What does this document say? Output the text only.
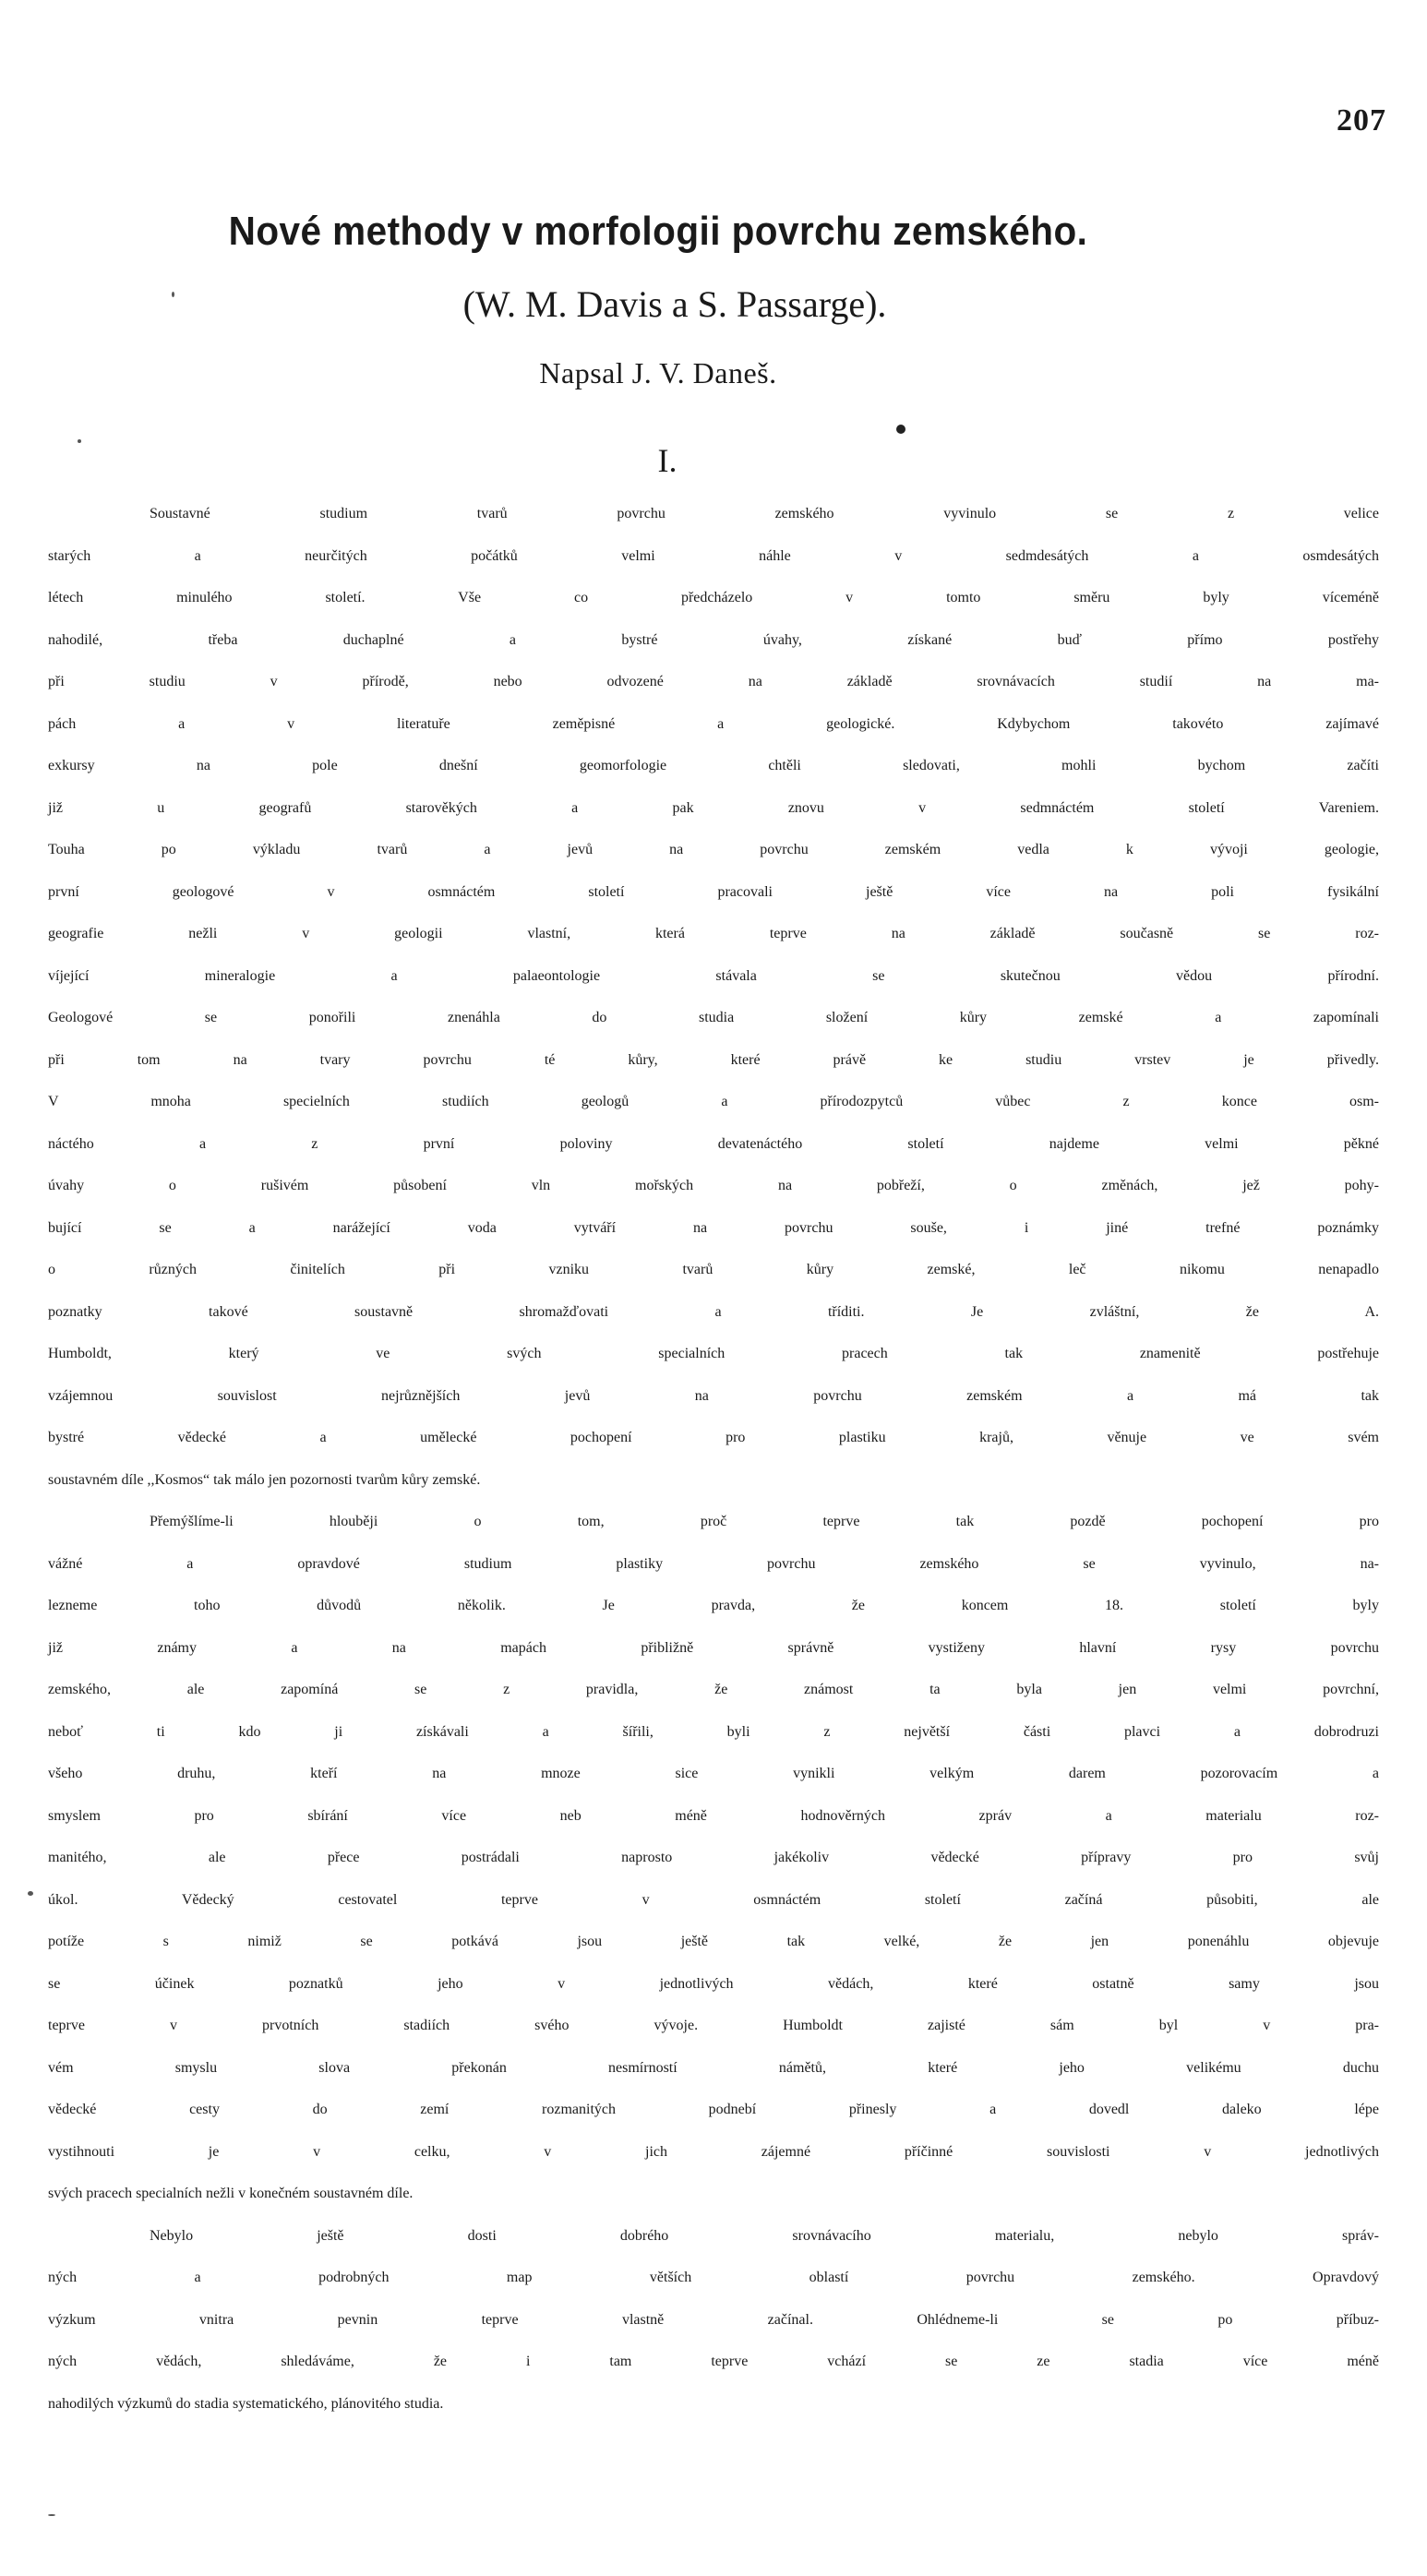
207
Nové methody v morfologii povrchu zemského.
(W. M. Davis a S. Passarge).
Napsal J. V. Daneš.
I.
Soustavné studium tvarů povrchu zemského vyvinulo se z velice
starých a neurčitých počátků velmi náhle v sedmdesátých a osmdesátých
létech minulého století. Vše co předcházelo v tomto směru byly víceméně
nahodilé, třeba duchaplné a bystré úvahy, získané buď přímo postřehy
při studiu v přírodě, nebo odvozené na základě srovnávacích studií na ma-
pách a v literatuře zeměpisné a geologické. Kdybychom takovéto zajímavé
exkursy na pole dnešní geomorfologie chtěli sledovati, mohli bychom začíti
již u geografů starověkých a pak znovu v sedmnáctém století Vareniem.
Touha po výkladu tvarů a jevů na povrchu zemském vedla k vývoji geologie,
první geologové v osmnáctém století pracovali ještě více na poli fysikální
geografie nežli v geologii vlastní, která teprve na základě současně se roz-
víjející mineralogie a palaeontologie stávala se skutečnou vědou přírodní.
Geologové se ponořili znenáhla do studia složení kůry zemské a zapomínali
při tom na tvary povrchu té kůry, které právě ke studiu vrstev je přivedly.
V mnoha specielních studiích geologů a přírodozpytců vůbec z konce osm-
náctého a z první poloviny devatenáctého století najdeme velmi pěkné
úvahy o rušivém působení vln mořských na pobřeží, o změnách, jež pohy-
bující se a narážející voda vytváří na povrchu souše, i jiné trefné poznámky
o různých činitelích při vzniku tvarů kůry zemské, leč nikomu nenapadlo
poznatky takové soustavně shromažďovati a tříditi. Je zvláštní, že A.
Humboldt, který ve svých specialních pracech tak znamenitě postřehuje
vzájemnou souvislost nejrůznějších jevů na povrchu zemském a má tak
bystré vědecké a umělecké pochopení pro plastiku krajů, věnuje ve svém
soustavném díle ,,Kosmos“ tak málo jen pozornosti tvarům kůry zemské.
Přemýšlíme-li hlouběji o tom, proč teprve tak pozdě pochopení pro
vážné a opravdové studium plastiky povrchu zemského se vyvinulo, na-
lezneme toho důvodů několik. Je pravda, že koncem 18. století byly
již známy a na mapách přibližně správně vystiženy hlavní rysy povrchu
zemského, ale zapomíná se z pravidla, že známost ta byla jen velmi povrchní,
neboť ti kdo ji získávali a šířili, byli z největší části plavci a dobrodruzi
všeho druhu, kteří na mnoze sice vynikli velkým darem pozorovacím a
smyslem pro sbírání více neb méně hodnověrných zpráv a materialu roz-
manitého, ale přece postrádali naprosto jakékoliv vědecké přípravy pro svůj
úkol. Vědecký cestovatel teprve v osmnáctém století začíná působiti, ale
potíže s nimiž se potkává jsou ještě tak velké, že jen ponenáhlu objevuje
se účinek poznatků jeho v jednotlivých vědách, které ostatně samy jsou
teprve v prvotních stadiích svého vývoje. Humboldt zajisté sám byl v pra-
vém smyslu slova překonán nesmírností námětů, které jeho velikému duchu
vědecké cesty do zemí rozmanitých podnebí přinesly a dovedl daleko lépe
vystihnouti je v celku, v jich zájemné příčinné souvislosti v jednotlivých
svých pracech specialních nežli v konečném soustavném díle.
Nebylo ještě dosti dobrého srovnávacího materialu, nebylo správ-
ných a podrobných map větších oblastí povrchu zemského. Opravdový
výzkum vnitra pevnin teprve vlastně začínal. Ohlédneme-li se po příbuz-
ných vědách, shledáváme, že i tam teprve vchází se ze stadia více méně
nahodilých výzkumů do stadia systematického, plánovitého studia.
